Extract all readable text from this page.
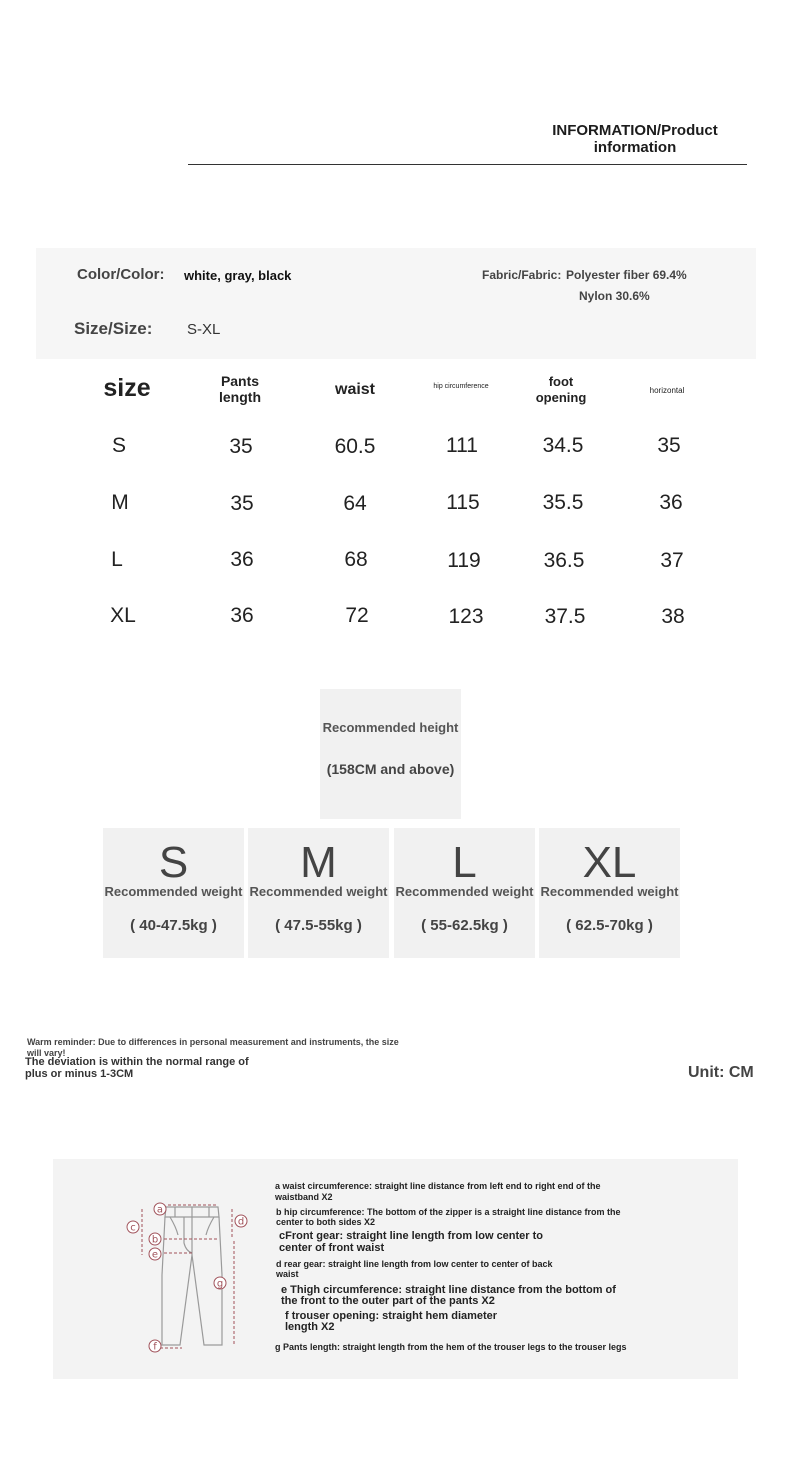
INFORMATION/Product information
Color/Color: white, gray, black	Fabric/Fabric: Polyester fiber 69.4%
Nylon 30.6%
Size/Size: S-XL
size	Pants length	waist	hip circumference	foot opening	horizontal
S	35	60.5	111	34.5	35
M	35	64	115	35.5	36
L	36	68	119	36.5	37
XL	36	72	123	37.5	38
Recommended height
(158CM and above)
S
Recommended weight
( 40-47.5kg )
M
Recommended weight
( 47.5-55kg )
L
Recommended weight
( 55-62.5kg )
XL
Recommended weight
( 62.5-70kg )
Warm reminder: Due to differences in personal measurement and instruments, the size will vary!
The deviation is within the normal range of plus or minus 1-3CM	Unit: CM
a
b
c
d
e
f
g
a waist circumference: straight line distance from left end to right end of the waistband X2
b hip circumference: The bottom of the zipper is a straight line distance from the center to both sides X2
cFront gear: straight line length from low center to center of front waist
d rear gear: straight line length from low center to center of back waist
e Thigh circumference: straight line distance from the bottom of the front to the outer part of the pants X2
f trouser opening: straight hem diameter length X2
g Pants length: straight length from the hem of the trouser legs to the trouser legs
